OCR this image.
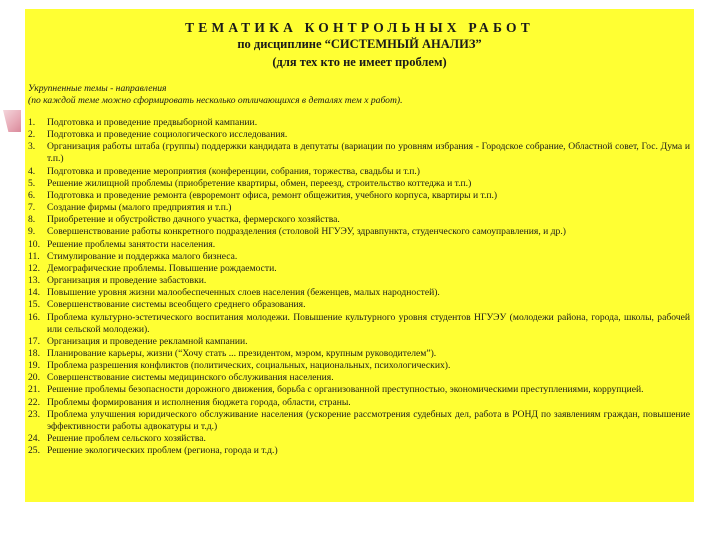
ТЕМАТИКА КОНТРОЛЬНЫХ РАБОТ
по дисциплине “СИСТЕМНЫЙ АНАЛИЗ”
(для тех кто не имеет проблем)
Укрупненные темы - направления
(по каждой теме можно сформировать несколько отличающихся в деталях тем х работ).
1.	Подготовка и проведение предвыборной кампании.
2.	Подготовка и проведение социологического исследования.
3.	Организация работы штаба (группы) поддержки кандидата в депутаты (вариации по уровням избрания - Городское собрание, Областной совет, Гос. Дума и т.п.)
4.	Подготовка и проведение мероприятия (конференции, собрания, торжества, свадьбы и т.п.)
5.	Решение жилищной проблемы (приобретение квартиры, обмен, переезд, строительство коттеджа и т.п.)
6.	Подготовка и проведение ремонта (евроремонт офиса, ремонт общежития, учебного корпуса, квартиры и т.п.)
7.	Создание фирмы (малого предприятия и т.п.)
8.	Приобретение и обустройство дачного участка, фермерского хозяйства.
9.	Совершенствование работы конкретного подразделения (столовой НГУЭУ, здравпункта, студенческого самоуправления, и др.)
10. Решение проблемы занятости населения.
11. Стимулирование и поддержка малого бизнеса.
12. Демографические проблемы. Повышение рождаемости.
13. Организация и проведение забастовки.
14. Повышение уровня жизни малообеспеченных слоев населения (беженцев, малых народностей).
15. Совершенствование системы всеобщего среднего образования.
16. Проблема культурно-эстетического воспитания молодежи. Повышение культурного уровня студентов НГУЭУ (молодежи района, города, школы, рабочей или сельской молодежи).
17. Организация и проведение рекламной кампании.
18. Планирование карьеры, жизни (“Хочу стать ... президентом, мэром, крупным руководителем”).
19. Проблема разрешения конфликтов (политических, социальных, национальных, психологических).
20. Совершенствование системы медицинского обслуживания населения.
21. Решение проблемы безопасности дорожного движения, борьба с организованной преступностью, экономическими преступлениями, коррупцией.
22. Проблемы формирования и исполнения бюджета города, области, страны.
23. Проблема улучшения юридического обслуживание населения (ускорение рассмотрения судебных дел, работа в РОНД по заявлениям граждан, повышение эффективности работы адвокатуры и т.д.)
24. Решение проблем сельского хозяйства.
25. Решение экологических проблем (региона, города и т.д.)
